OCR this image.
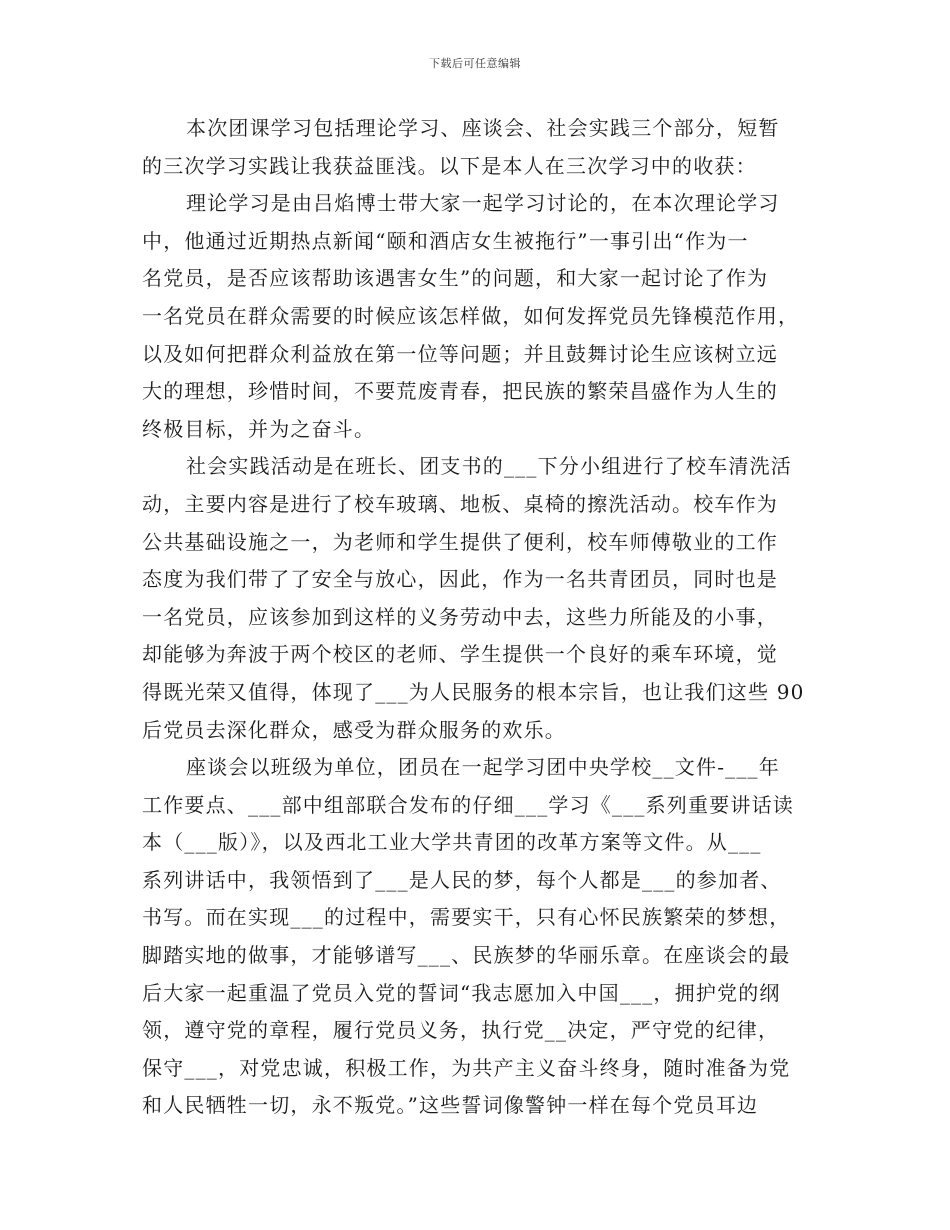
下载后可任意编辑
本次团课学习包括理论学习、座谈会、社会实践三个部分，短暂
的三次学习实践让我获益匪浅。以下是本人在三次学习中的收获：
理论学习是由吕焰博士带大家一起学习讨论的，在本次理论学习
中，他通过近期热点新闻“颐和酒店女生被拖行”一事引出“作为一
名党员，是否应该帮助该遇害女生”的问题，和大家一起讨论了作为
一名党员在群众需要的时候应该怎样做，如何发挥党员先锋模范作用，
以及如何把群众利益放在第一位等问题；并且鼓舞讨论生应该树立远
大的理想，珍惜时间，不要荒废青春，把民族的繁荣昌盛作为人生的
终极目标，并为之奋斗。
社会实践活动是在班长、团支书的___下分小组进行了校车清洗活
动，主要内容是进行了校车玻璃、地板、桌椅的擦洗活动。校车作为
公共基础设施之一，为老师和学生提供了便利，校车师傅敬业的工作
态度为我们带了了安全与放心，因此，作为一名共青团员，同时也是
一名党员，应该参加到这样的义务劳动中去，这些力所能及的小事，
却能够为奔波于两个校区的老师、学生提供一个良好的乘车环境，觉
得既光荣又值得，体现了___为人民服务的根本宗旨，也让我们这些 90
后党员去深化群众，感受为群众服务的欢乐。
座谈会以班级为单位，团员在一起学习团中央学校__文件-___年
工作要点、___部中组部联合发布的仔细___学习《___系列重要讲话读
本（___版）》，以及西北工业大学共青团的改革方案等文件。从___
系列讲话中，我领悟到了___是人民的梦，每个人都是___的参加者、
书写。而在实现___的过程中，需要实干，只有心怀民族繁荣的梦想，
脚踏实地的做事，才能够谱写___、民族梦的华丽乐章。在座谈会的最
后大家一起重温了党员入党的誓词“我志愿加入中国___，拥护党的纲
领，遵守党的章程，履行党员义务，执行党__决定，严守党的纪律，
保守___，对党忠诚，积极工作，为共产主义奋斗终身，随时准备为党
和人民牺牲一切，永不叛党。”这些誓词像警钟一样在每个党员耳边
